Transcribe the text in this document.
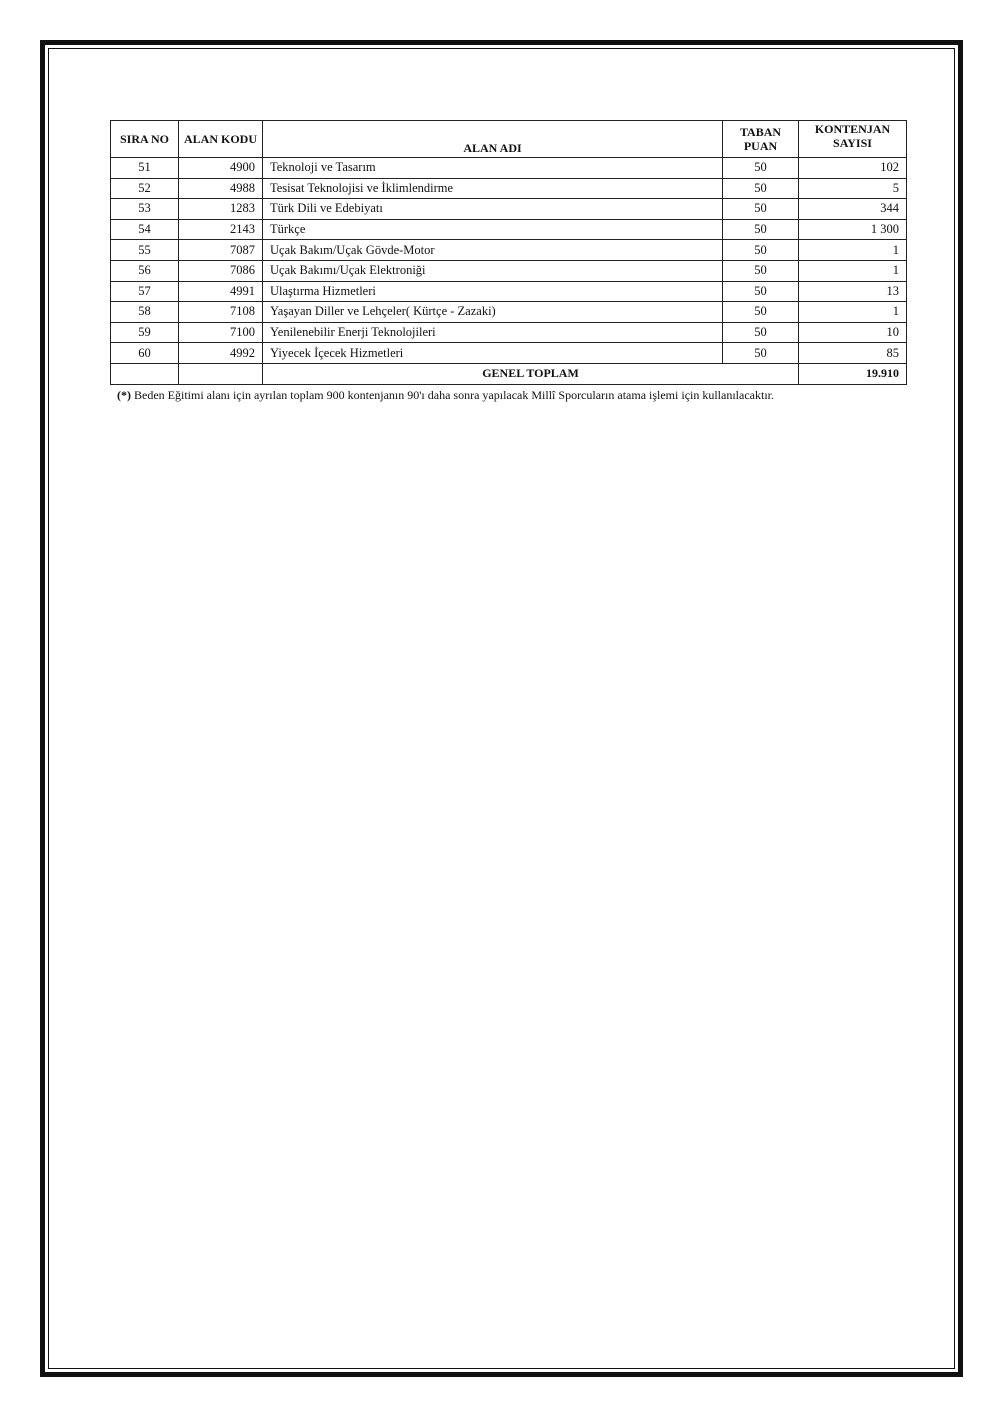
SIRA NO	ALAN KODU	ALAN ADI	TABAN PUAN	KONTENJAN SAYISI
51	4900	Teknoloji ve Tasarım	50	102
52	4988	Tesisat Teknolojisi ve İklimlendirme	50	5
53	1283	Türk Dili ve Edebiyatı	50	344
54	2143	Türkçe	50	1 300
55	7087	Uçak Bakım/Uçak Gövde-Motor	50	1
56	7086	Uçak Bakımı/Uçak Elektroniği	50	1
57	4991	Ulaştırma Hizmetleri	50	13
58	7108	Yaşayan Diller ve Lehçeler( Kürtçe - Zazaki)	50	1
59	7100	Yenilenebilir Enerji Teknolojileri	50	10
60	4992	Yiyecek İçecek Hizmetleri	50	85
		GENEL TOPLAM		19.910
(*) Beden Eğitimi alanı için ayrılan toplam 900 kontenjanın 90'ı daha sonra yapılacak Millî Sporcuların atama işlemi için kullanılacaktır.
